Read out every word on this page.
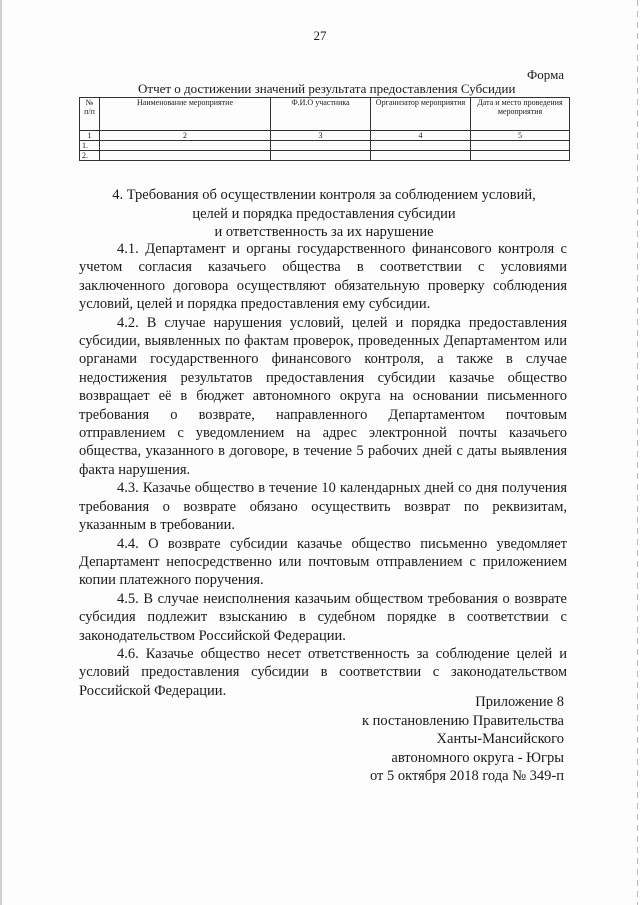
27
Форма
Отчет о достижении значений результата предоставления Субсидии
№ п/п	Наименование мероприятие	Ф.И.О участника	Организатор мероприятия	Дата и место проведения мероприятия
1	2	3	4	5
1.				
2.				
4. Требования об осуществлении контроля за соблюдением условий,
целей и порядка предоставления субсидии
и ответственность за их нарушение

4.1. Департамент и органы государственного финансового контроля с учетом согласия казачьего общества в соответствии с условиями заключенного договора осуществляют обязательную проверку соблюдения условий, целей и порядка предоставления ему субсидии.

4.2. В случае нарушения условий, целей и порядка предоставления субсидии, выявленных по фактам проверок, проведенных Департаментом или органами государственного финансового контроля, а также в случае недостижения результатов предоставления субсидии казачье общество возвращает её в бюджет автономного округа на основании письменного требования о возврате, направленного Департаментом почтовым отправлением с уведомлением на адрес электронной почты казачьего общества, указанного в договоре, в течение 5 рабочих дней с даты выявления факта нарушения.

4.3. Казачье общество в течение 10 календарных дней со дня получения требования о возврате обязано осуществить возврат по реквизитам, указанным в требовании.

4.4. О возврате субсидии казачье общество письменно уведомляет Департамент непосредственно или почтовым отправлением с приложением копии платежного поручения.

4.5. В случае неисполнения казачьим обществом требования о возврате субсидия подлежит взысканию в судебном порядке в соответствии с законодательством Российской Федерации.

4.6. Казачье общество несет ответственность за соблюдение целей и условий предоставления субсидии в соответствии с законодательством Российской Федерации.

Приложение 8
к постановлению Правительства
Ханты-Мансийского
автономного округа - Югры
от 5 октября 2018 года № 349-п
